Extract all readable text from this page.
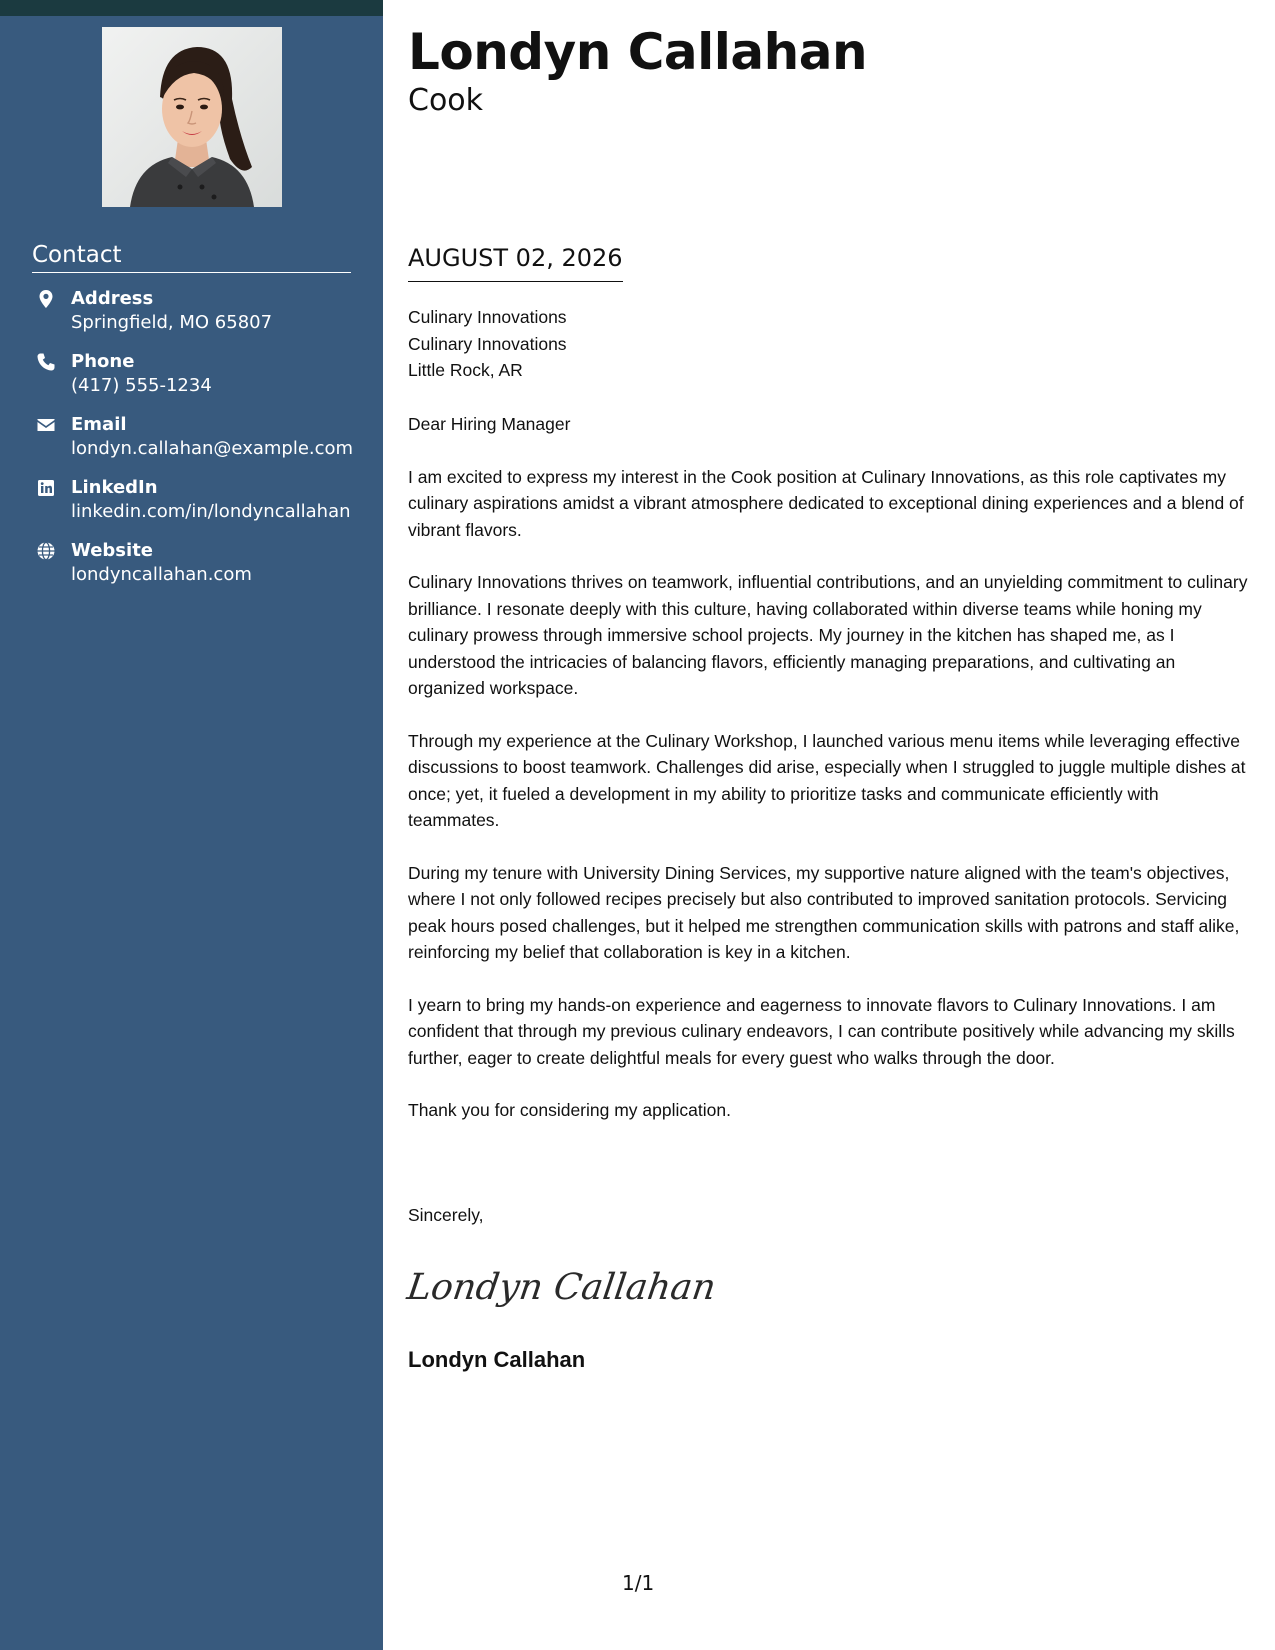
Contact
Address
Springfield, MO 65807
Phone
(417) 555-1234
Email
londyn.callahan@example.com
LinkedIn
linkedin.com/in/londyncallahan
Website
londyncallahan.com
Londyn Callahan
Cook
AUGUST 02, 2026
Culinary Innovations
Culinary Innovations
Little Rock, AR

Dear Hiring Manager

I am excited to express my interest in the Cook position at Culinary Innovations, as this role captivates my culinary aspirations amidst a vibrant atmosphere dedicated to exceptional dining experiences and a blend of vibrant flavors.

Culinary Innovations thrives on teamwork, influential contributions, and an unyielding commitment to culinary brilliance. I resonate deeply with this culture, having collaborated within diverse teams while honing my culinary prowess through immersive school projects. My journey in the kitchen has shaped me, as I understood the intricacies of balancing flavors, efficiently managing preparations, and cultivating an organized workspace.

Through my experience at the Culinary Workshop, I launched various menu items while leveraging effective discussions to boost teamwork. Challenges did arise, especially when I struggled to juggle multiple dishes at once; yet, it fueled a development in my ability to prioritize tasks and communicate efficiently with teammates.

During my tenure with University Dining Services, my supportive nature aligned with the team's objectives, where I not only followed recipes precisely but also contributed to improved sanitation protocols. Servicing peak hours posed challenges, but it helped me strengthen communication skills with patrons and staff alike, reinforcing my belief that collaboration is key in a kitchen.

I yearn to bring my hands-on experience and eagerness to innovate flavors to Culinary Innovations. I am confident that through my previous culinary endeavors, I can contribute positively while advancing my skills further, eager to create delightful meals for every guest who walks through the door.

Thank you for considering my application.

Sincerely,
Londyn Callahan
Londyn Callahan
1/1
